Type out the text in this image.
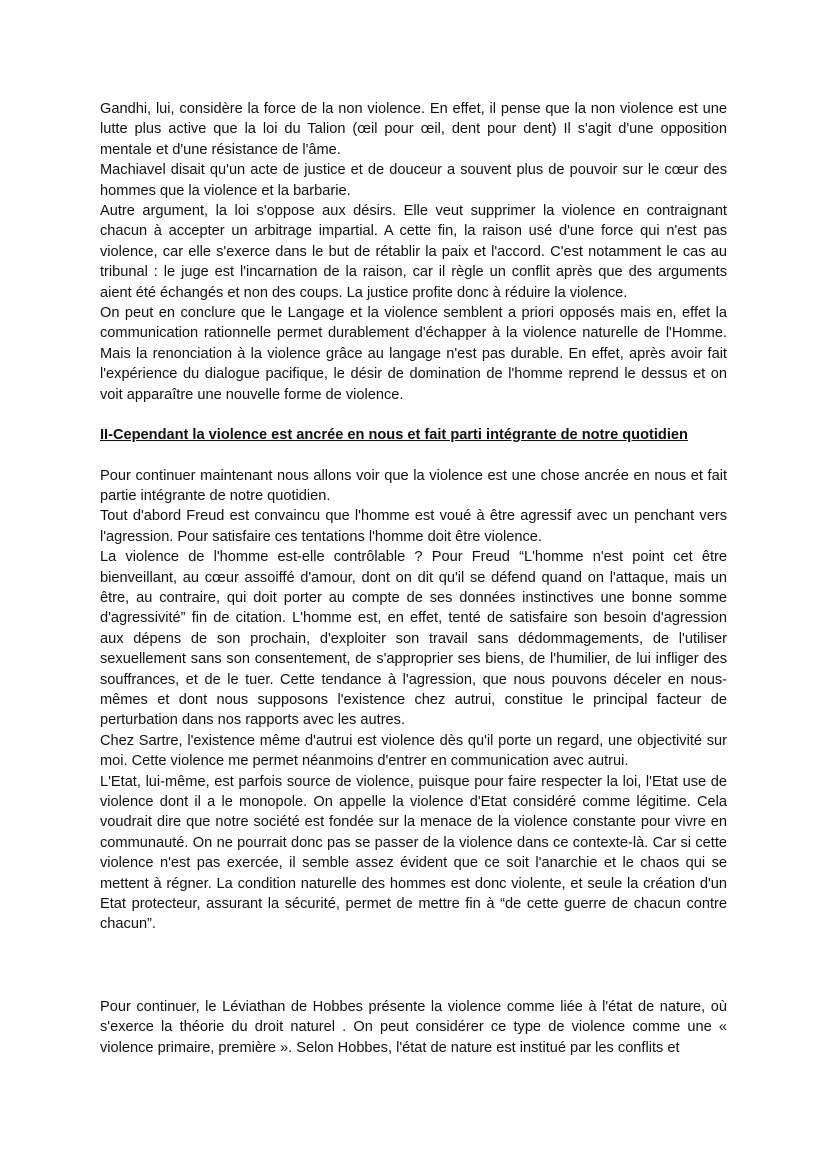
Gandhi, lui, considère la force de la non violence. En effet, il pense que la non violence est une lutte plus active que la loi du Talion (œil pour œil, dent pour dent) Il s'agit d'une opposition mentale et d'une résistance de l'âme.

Machiavel disait qu'un acte de justice et de douceur a souvent plus de pouvoir sur le cœur des hommes que la violence et la barbarie.

Autre argument, la loi s'oppose aux désirs. Elle veut supprimer la violence en contraignant chacun à accepter un arbitrage impartial. A cette fin, la raison usé d'une force qui n'est pas violence, car elle s'exerce dans le but de rétablir la paix et l'accord. C'est notamment le cas au tribunal : le juge est l'incarnation de la raison, car il règle un conflit après que des arguments aient été échangés et non des coups. La justice profite donc à réduire la violence.

On peut en conclure que le Langage et la violence semblent a priori opposés mais en, effet la communication rationnelle permet durablement d'échapper à la violence naturelle de l'Homme. Mais la renonciation à la violence grâce au langage n'est pas durable. En effet, après avoir fait l'expérience du dialogue pacifique, le désir de domination de l'homme reprend le dessus et on voit apparaître une nouvelle forme de violence.

II-Cependant la violence est ancrée en nous et fait parti intégrante de notre quotidien

Pour continuer maintenant nous allons voir que la violence est une chose ancrée en nous et fait partie intégrante de notre quotidien.

Tout d'abord Freud est convaincu que l'homme est voué à être agressif avec un penchant vers l'agression. Pour satisfaire ces tentations l'homme doit être violence.

La violence de l'homme est-elle contrôlable ? Pour Freud “L'homme n'est point cet être bienveillant, au cœur assoiffé d'amour, dont on dit qu'il se défend quand on l'attaque, mais un être, au contraire, qui doit porter au compte de ses données instinctives une bonne somme d'agressivité” fin de citation. L'homme est, en effet, tenté de satisfaire son besoin d'agression aux dépens de son prochain, d'exploiter son travail sans dédommagements, de l'utiliser sexuellement sans son consentement, de s'approprier ses biens, de l'humilier, de lui infliger des souffrances, et de le tuer. Cette tendance à l'agression, que nous pouvons déceler en nous-mêmes et dont nous supposons l'existence chez autrui, constitue le principal facteur de perturbation dans nos rapports avec les autres.

Chez Sartre, l'existence même d'autrui est violence dès qu'il porte un regard, une objectivité sur moi. Cette violence me permet néanmoins d'entrer en communication avec autrui.

L'Etat, lui-même, est parfois source de violence, puisque pour faire respecter la loi, l'Etat use de violence dont il a le monopole. On appelle la violence d'Etat considéré comme légitime. Cela voudrait dire que notre société est fondée sur la menace de la violence constante pour vivre en communauté. On ne pourrait donc pas se passer de la violence dans ce contexte-là. Car si cette violence n'est pas exercée, il semble assez évident que ce soit l'anarchie et le chaos qui se mettent à régner. La condition naturelle des hommes est donc violente, et seule la création d'un Etat protecteur, assurant la sécurité, permet de mettre fin à “de cette guerre de chacun contre chacun”.

Pour continuer, le Léviathan de Hobbes présente la violence comme liée à l'état de nature, où s'exerce la théorie du droit naturel . On peut considérer ce type de violence comme une « violence primaire, première ». Selon Hobbes, l'état de nature est institué par les conflits et
